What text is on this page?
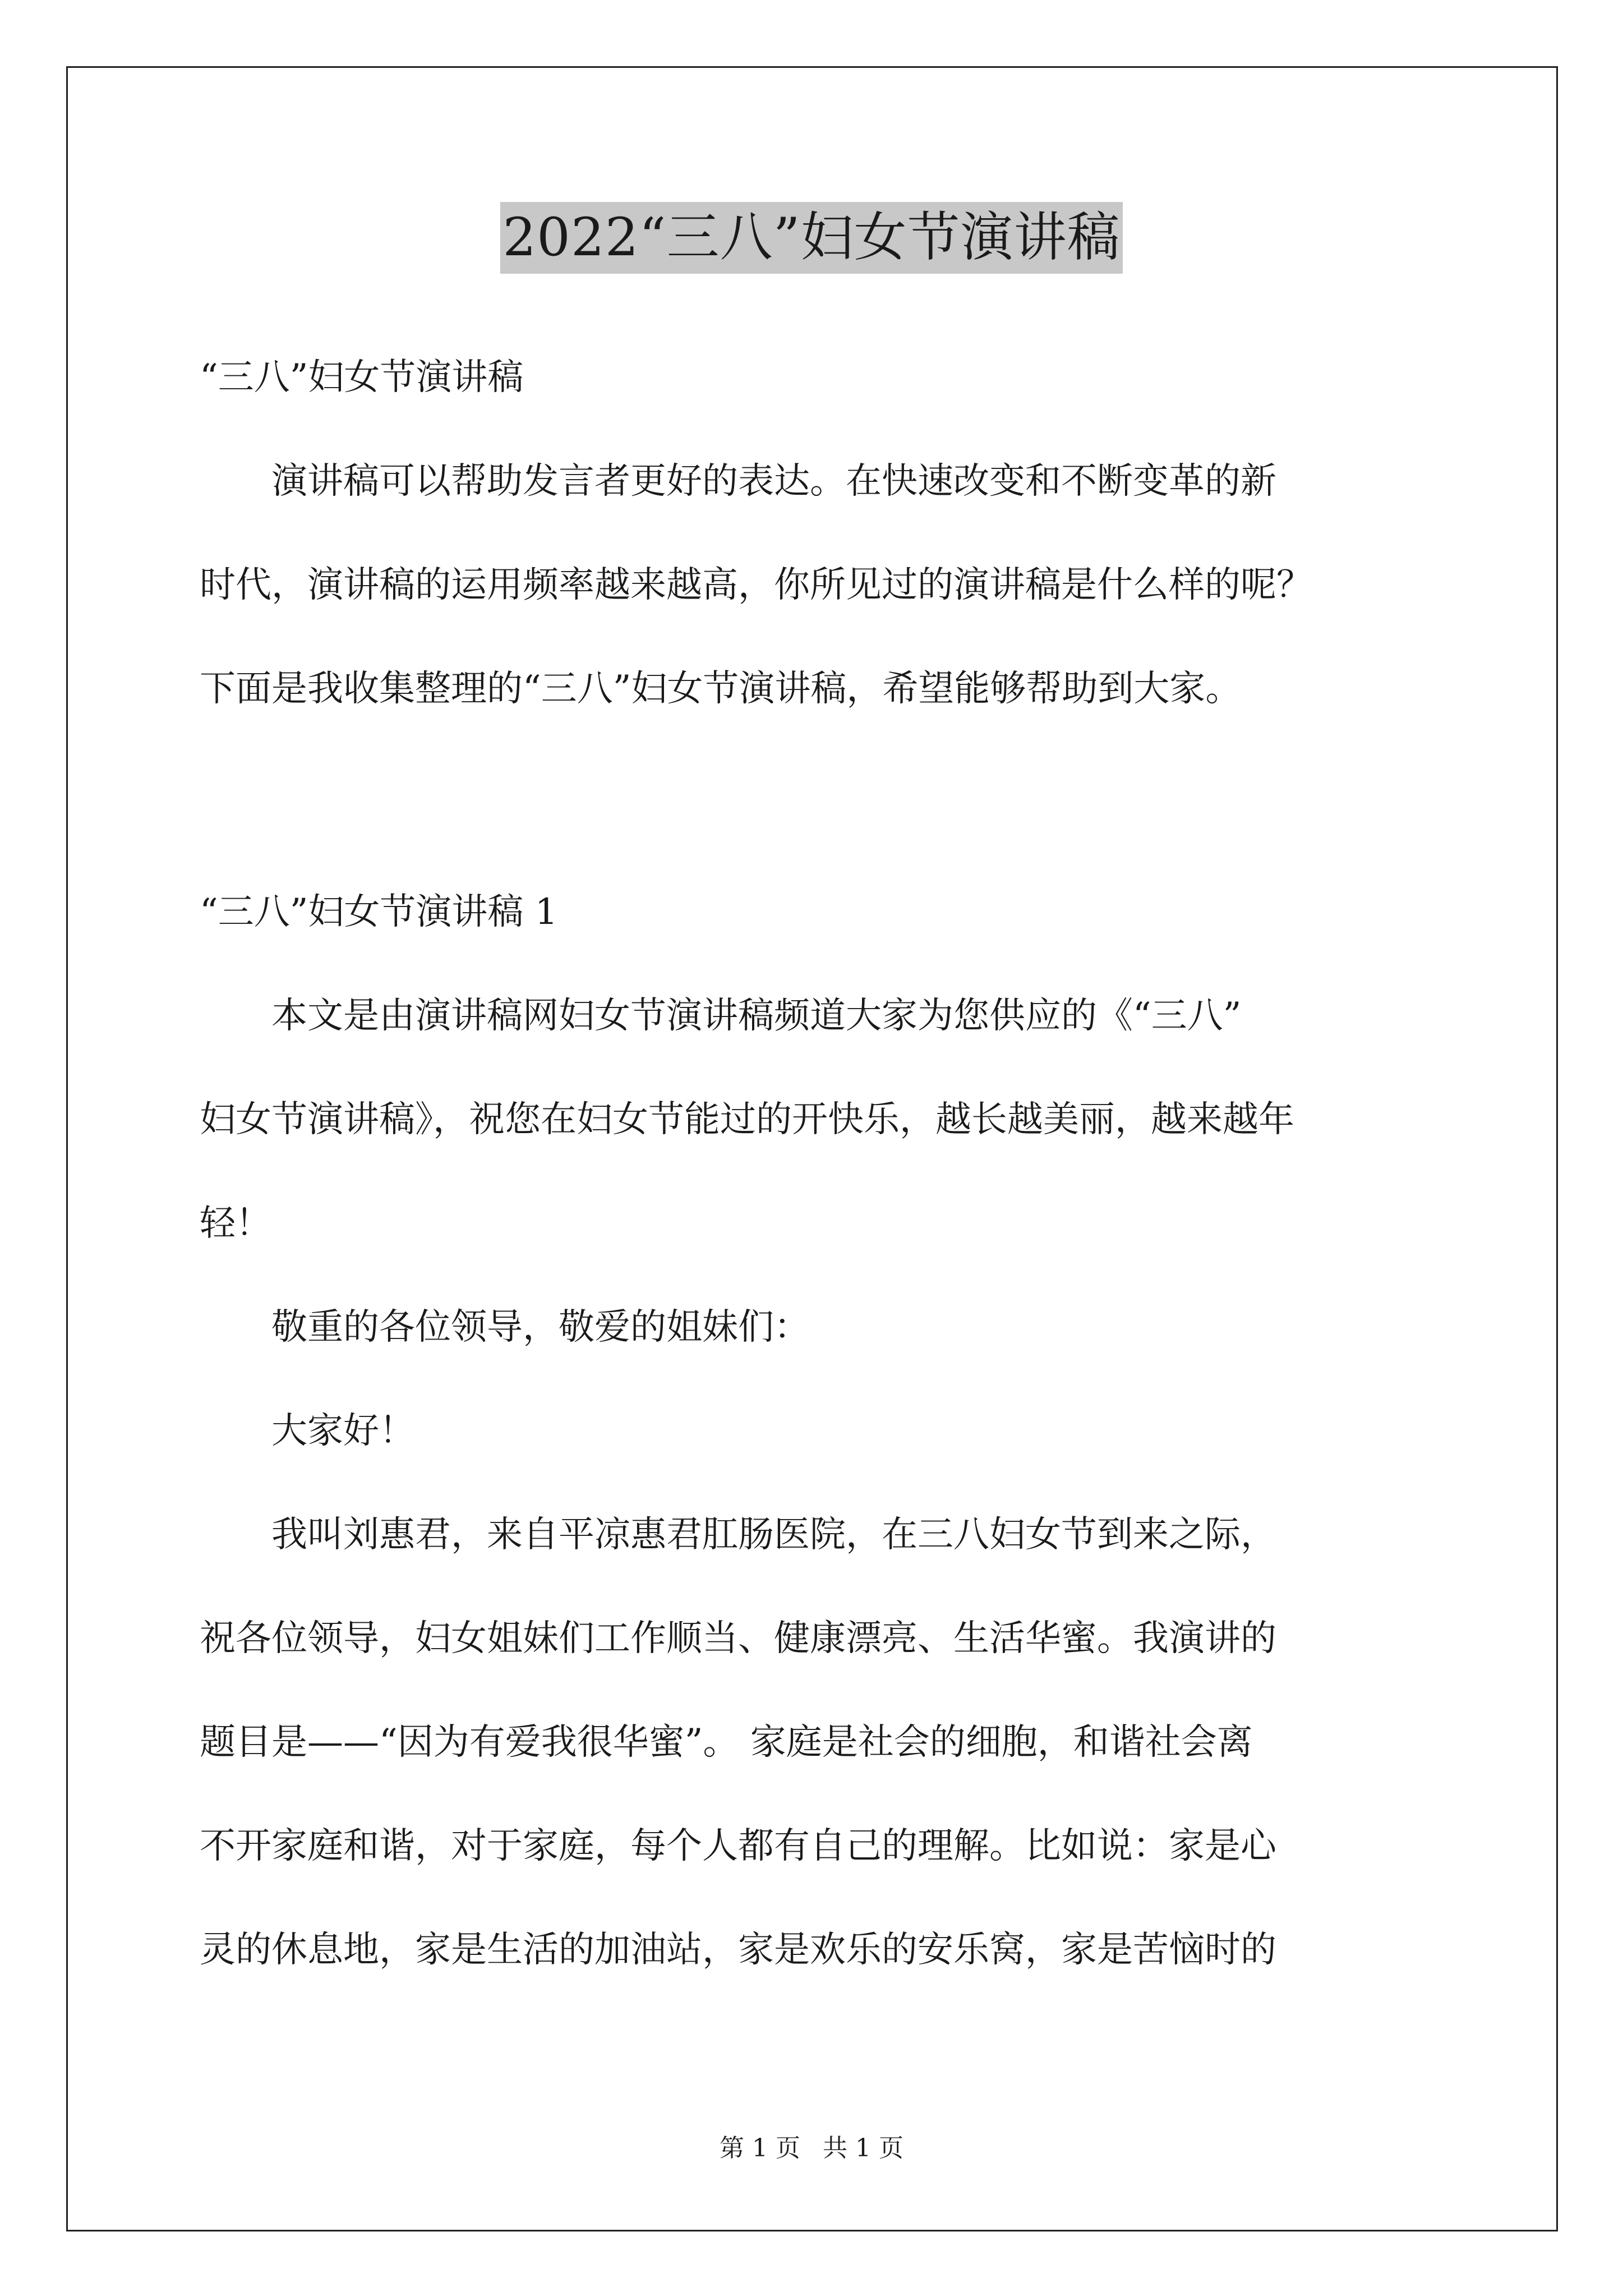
2022“三八”妇女节演讲稿
“三八”妇女节演讲稿
　　演讲稿可以帮助发言者更好的表达。在快速改变和不断变革的新
时代，演讲稿的运用频率越来越高，你所见过的演讲稿是什么样的呢？
下面是我收集整理的“三八”妇女节演讲稿，希望能够帮助到大家。
“三八”妇女节演讲稿 1
　　本文是由演讲稿网妇女节演讲稿频道大家为您供应的《“三八”
妇女节演讲稿》，祝您在妇女节能过的开快乐，越长越美丽，越来越年
轻！
　　敬重的各位领导，敬爱的姐妹们：
　　大家好！
　　我叫刘惠君，来自平凉惠君肛肠医院，在三八妇女节到来之际，
祝各位领导，妇女姐妹们工作顺当、健康漂亮、生活华蜜。我演讲的
题目是——“因为有爱我很华蜜”。 家庭是社会的细胞，和谐社会离
不开家庭和谐，对于家庭，每个人都有自己的理解。比如说：家是心
灵的休息地，家是生活的加油站，家是欢乐的安乐窝，家是苦恼时的
第 1 页 共 1 页
